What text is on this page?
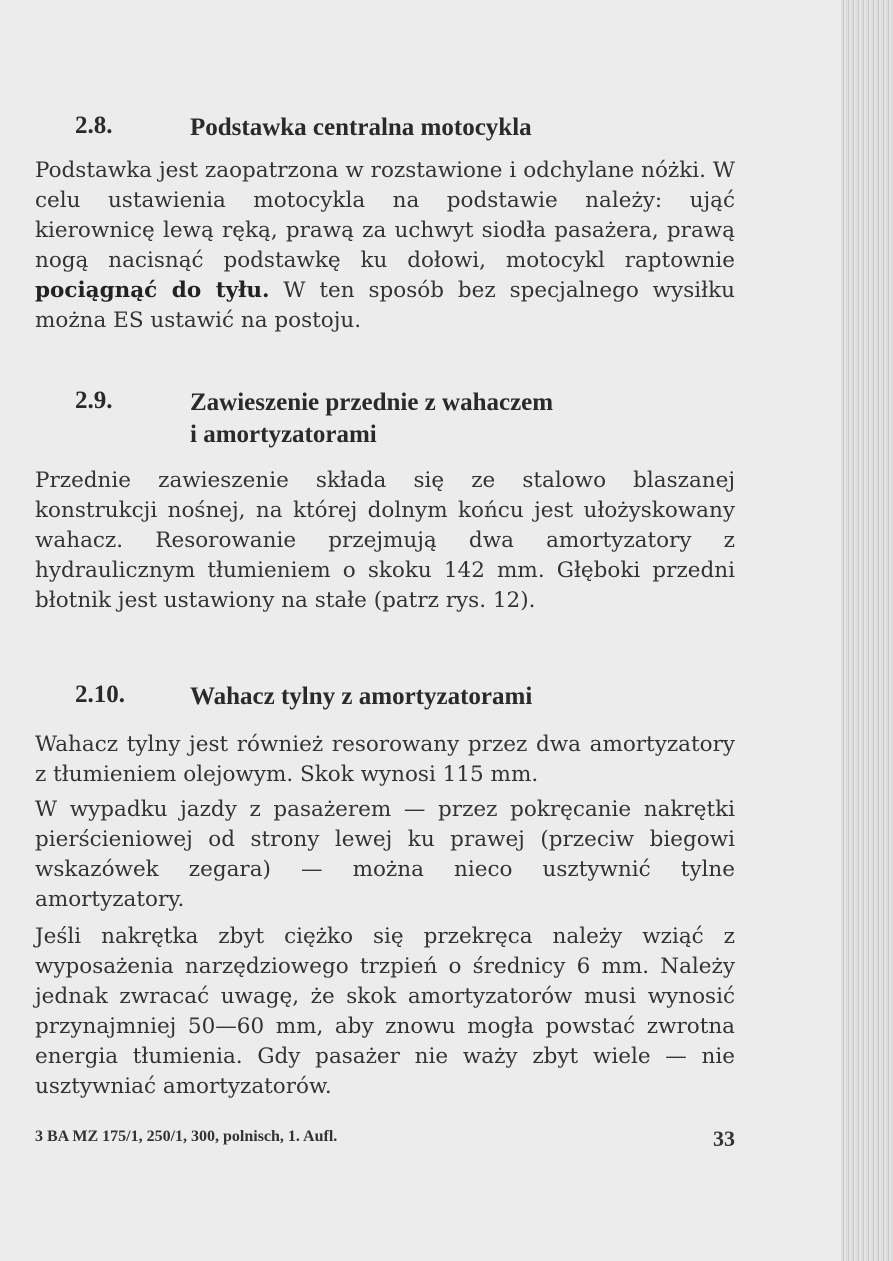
2.8.	Podstawka centralna motocykla
Podstawka jest zaopatrzona w rozstawione i odchylane nóżki. W celu ustawienia motocykla na podstawie należy: ująć kierownicę lewą ręką, prawą za uchwyt siodła pasażera, prawą nogą nacisnąć podstawkę ku dołowi, motocykl raptownie pociągnąć do tyłu. W ten sposób bez specjalnego wysiłku można ES ustawić na postoju.
2.9.	Zawieszenie przednie z wahaczem
i amortyzatorami
Przednie zawieszenie składa się ze stalowo blaszanej konstrukcji nośnej, na której dolnym końcu jest ułożyskowany wahacz. Resorowanie przejmują dwa amortyzatory z hydraulicznym tłumieniem o skoku 142 mm. Głęboki przedni błotnik jest ustawiony na stałe (patrz rys. 12).
2.10.	Wahacz tylny z amortyzatorami
Wahacz tylny jest również resorowany przez dwa amortyzatory z tłumieniem olejowym. Skok wynosi 115 mm.
W wypadku jazdy z pasażerem — przez pokręcanie nakrętki pierścieniowej od strony lewej ku prawej (przeciw biegowi wskazówek zegara) — można nieco usztywnić tylne amortyzatory.
Jeśli nakrętka zbyt ciężko się przekręca należy wziąć z wyposażenia narzędziowego trzpień o średnicy 6 mm. Należy jednak zwracać uwagę, że skok amortyzatorów musi wynosić przynajmniej 50—60 mm, aby znowu mogła powstać zwrotna energia tłumienia. Gdy pasażer nie waży zbyt wiele — nie usztywniać amortyzatorów.
3 BA MZ 175/1, 250/1, 300, polnisch, 1. Aufl.	33
